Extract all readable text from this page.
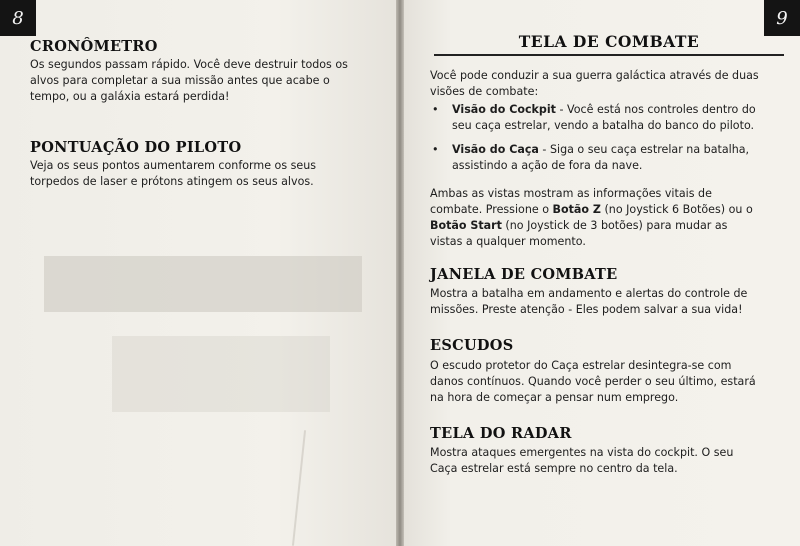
8
CRONÔMETRO

Os segundos passam rápido. Você deve destruir todos os alvos para completar a sua missão antes que acabe o tempo, ou a galáxia estará perdida!

PONTUAÇÃO DO PILOTO

Veja os seus pontos aumentarem conforme os seus torpedos de laser e prótons atingem os seus alvos.

9
TELA DE COMBATE

Você pode conduzir a sua guerra galáctica através de duas visões de combate:

• Visão do Cockpit - Você está nos controles dentro do seu caça estrelar, vendo a batalha do banco do piloto.
• Visão do Caça - Siga o seu caça estrelar na batalha, assistindo a ação de fora da nave.

Ambas as vistas mostram as informações vitais de combate. Pressione o Botão Z (no Joystick 6 Botões) ou o Botão Start (no Joystick de 3 botões) para mudar as vistas a qualquer momento.

JANELA DE COMBATE

Mostra a batalha em andamento e alertas do controle de missões. Preste atenção - Eles podem salvar a sua vida!

ESCUDOS

O escudo protetor do Caça estrelar desintegra-se com danos contínuos. Quando você perder o seu último, estará na hora de começar a pensar num emprego.

TELA DO RADAR

Mostra ataques emergentes na vista do cockpit. O seu Caça estrelar está sempre no centro da tela.
